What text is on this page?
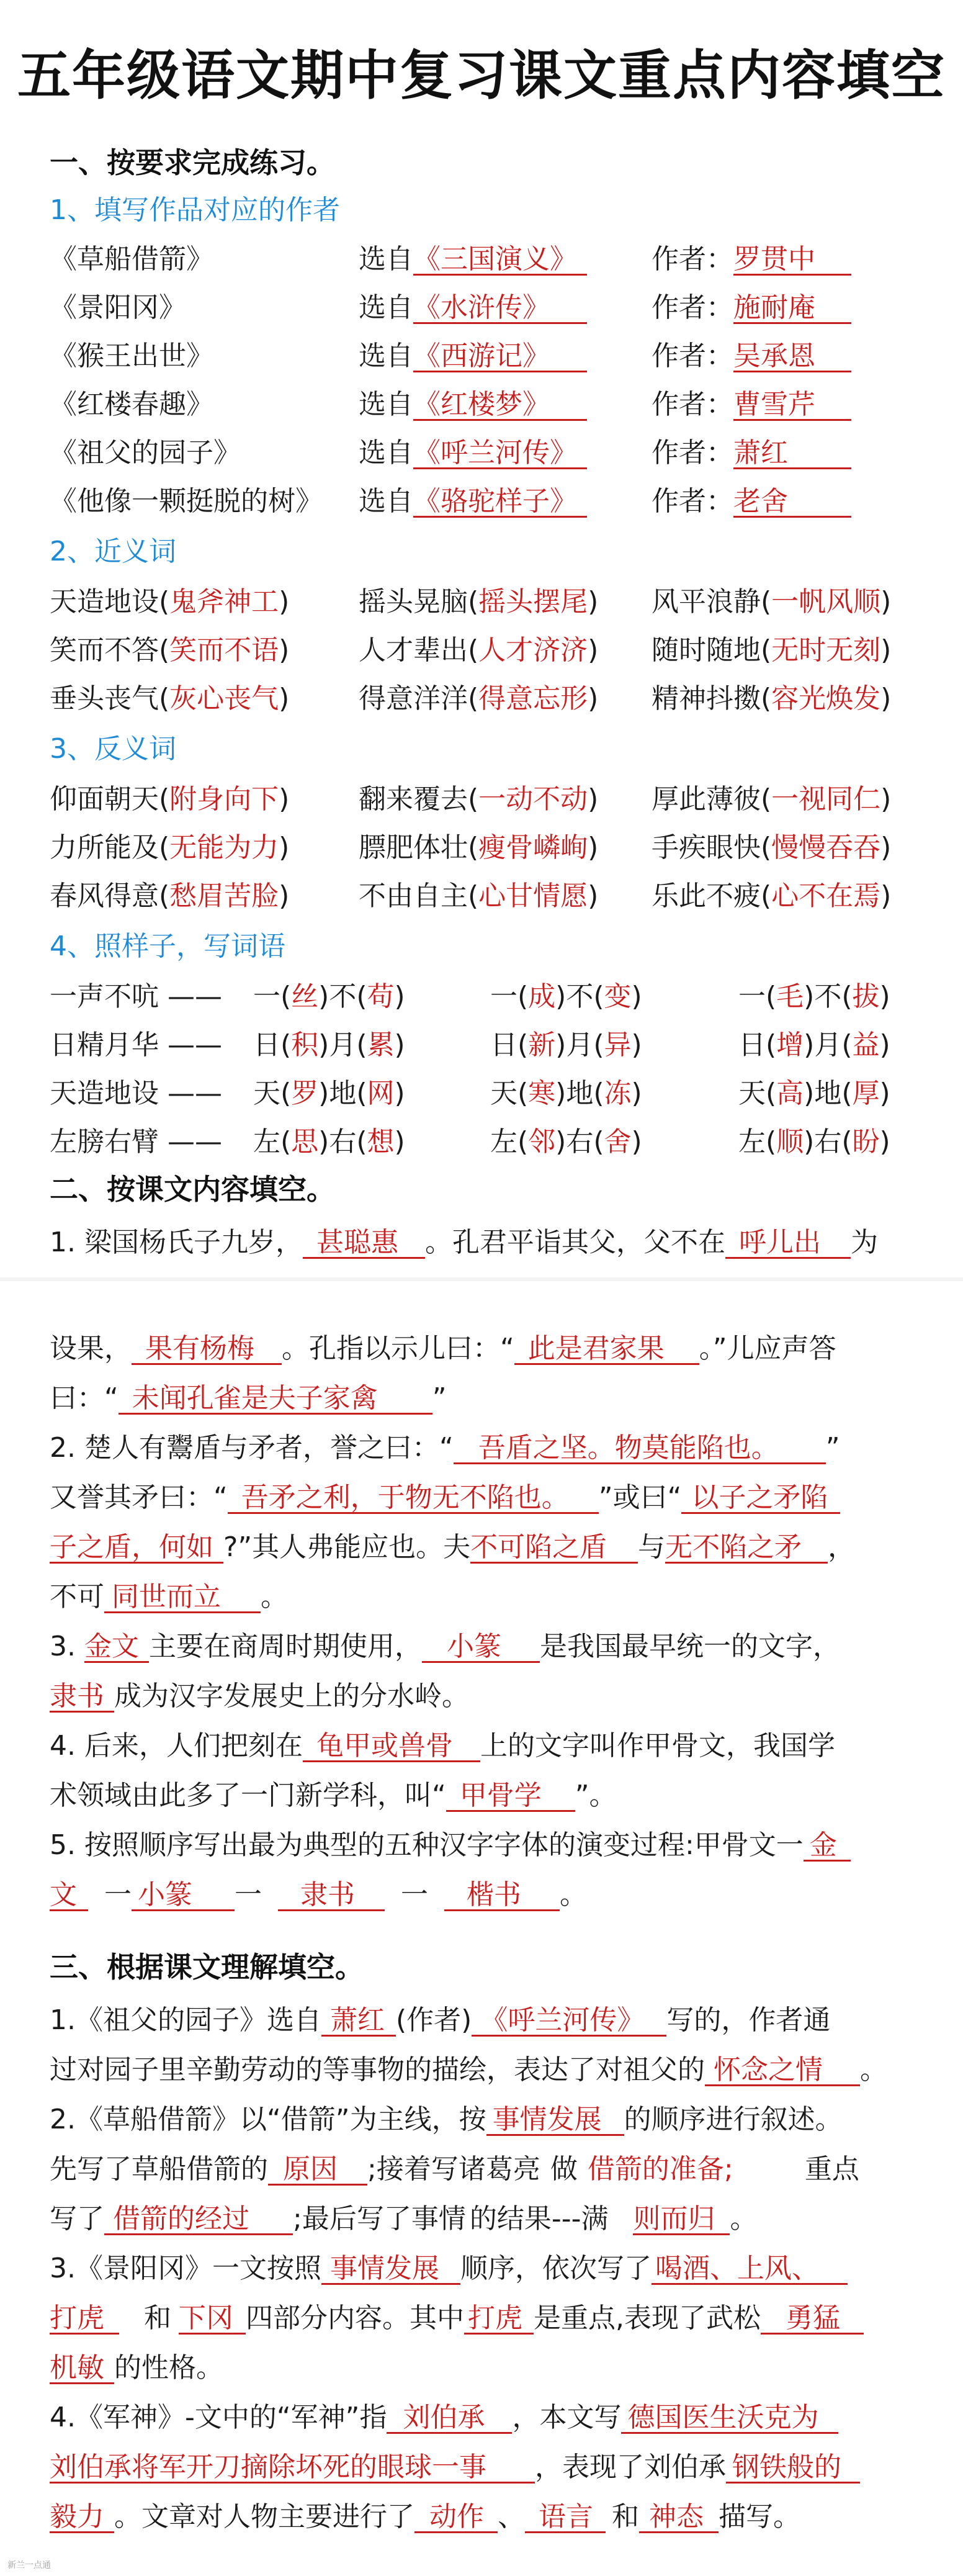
五年级语文期中复习课文重点内容填空
一、按要求完成练习。
1、填写作品对应的作者
《草船借箭》	选自《三国演义》	作者：罗贯中
《景阳冈》	选自《水浒传》	作者：施耐庵
《猴王出世》	选自《西游记》	作者：吴承恩
《红楼春趣》	选自《红楼梦》	作者：曹雪芹
《祖父的园子》	选自《呼兰河传》	作者：萧红
《他像一颗挺脱的树》 选自《骆驼样子》	作者：老舍
2、近义词
天造地设(鬼斧神工)	摇头晃脑(摇头摆尾) 风平浪静(一帆风顺)
笑而不答(笑而不语)	人才辈出(人才济济) 随时随地(无时无刻)
垂头丧气(灰心丧气)	得意洋洋(得意忘形) 精神抖擞(容光焕发)
3、反义词
仰面朝天(附身向下)	翻来覆去(一动不动) 厚此薄彼(一视同仁)
力所能及(无能为力)	膘肥体壮(瘦骨嶙峋) 手疾眼快(慢慢吞吞)
春风得意(愁眉苦脸)	不由自主(心甘情愿) 乐此不疲(心不在焉)
4、照样子，写词语
一声不吭 —— 一(丝)不(苟)	一(成)不(变)	一(毛)不(拔)
日精月华 —— 日(积)月(累)	日(新)月(异)	日(增)月(益)
天造地设 —— 天(罗)地(网)	天(寒)地(冻)	天(高)地(厚)
左膀右臂 —— 左(思)右(想)	左(邻)右(舍)	左(顺)右(盼)
二、按课文内容填空。
1. 梁国杨氏子九岁， 甚聪惠 。孔君平诣其父，父不在 呼儿出 为
设果， 果有杨梅 。孔指以示儿曰：“ 此是君家果 。”儿应声答
曰：“ 未闻孔雀是夫子家禽 ”
2. 楚人有鬻盾与矛者，誉之曰：“ 吾盾之坚。物莫能陷也。 ”
又誉其矛曰：“ 吾矛之利，于物无不陷也。 ”或曰“ 以子之矛陷
子之盾，何如 ?”其人弗能应也。夫不可陷之盾 与无不陷之矛 ，
不可 同世而立 。
3. 金文 主要在商周时期使用， 小篆 是我国最早统一的文字，
隶书 成为汉字发展史上的分水岭。
4. 后来，人们把刻在 龟甲或兽骨 上的文字叫作甲骨文，我国学
术领域由此多了一门新学科，叫“ 甲骨学 ”。
5. 按照顺序写出最为典型的五种汉字字体的演变过程:甲骨文一 金
文 一 小篆 一 隶书 一 楷书 。
三、根据课文理解填空。
1.《祖父的园子》选自 萧红 (作者) 《呼兰河传》 写的，作者通
过对园子里辛勤劳动的等事物的描绘，表达了对祖父的 怀念之情 。
2.《草船借箭》以“借箭”为主线，按 事情发展 的顺序进行叙述。
先写了草船借箭的 原因 ;接着写诸葛亮 做 借箭的准备;	重点
写了 借箭的经过 ;最后写了事情 的结果---满 则而归 。
3.《景阳冈》一文按照 事情发展 顺序，依次写了 喝酒、上风、
打虎 和 下冈 四部分内容。其中 打虎 是重点,表现了武松 勇猛
机敏 的性格。
4.《军神》-文中的“军神”指 刘伯承 ，本文写 德国医生沃克为
刘伯承将军开刀摘除坏死的眼球一事 ，表现了刘伯承 钢铁般的
毅力 。文章对人物主要进行了 动作 、 语言 和 神态 描写。
新兰一点通
